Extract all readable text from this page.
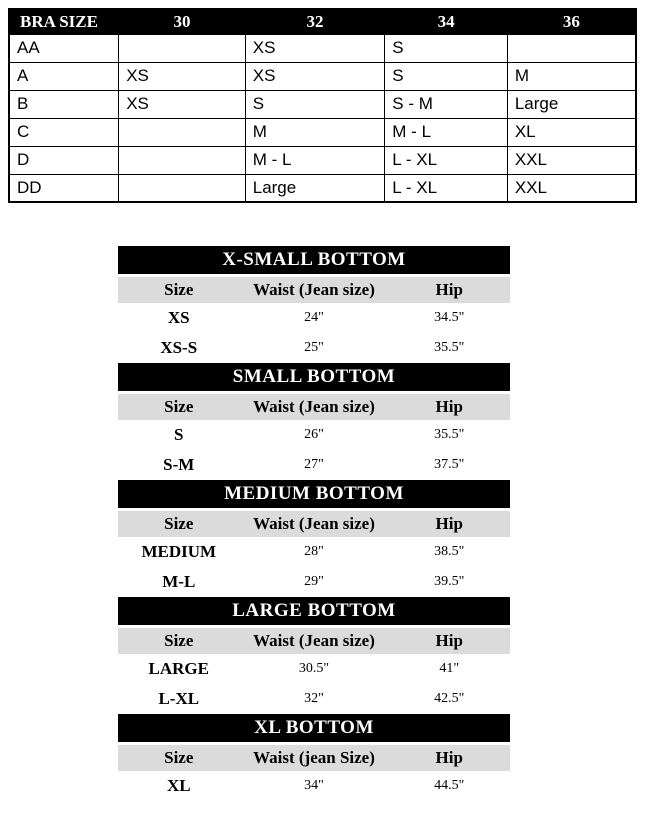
BRA SIZE	30	32	34	36
AA		XS	S	
A	XS	XS	S	M
B	XS	S	S - M	Large
C		M	M - L	XL
D		M - L	L - XL	XXL
DD		Large	L - XL	XXL
X-SMALL BOTTOM
Size	Waist (Jean size)	Hip
XS	24"	34.5"
XS-S	25"	35.5"
SMALL BOTTOM
Size	Waist (Jean size)	Hip
S	26"	35.5"
S-M	27"	37.5"
MEDIUM BOTTOM
Size	Waist (Jean size)	Hip
MEDIUM	28"	38.5"
M-L	29"	39.5"
LARGE BOTTOM
Size	Waist (Jean size)	Hip
LARGE	30.5"	41"
L-XL	32"	42.5"
XL BOTTOM
Size	Waist (jean Size)	Hip
XL	34"	44.5"
